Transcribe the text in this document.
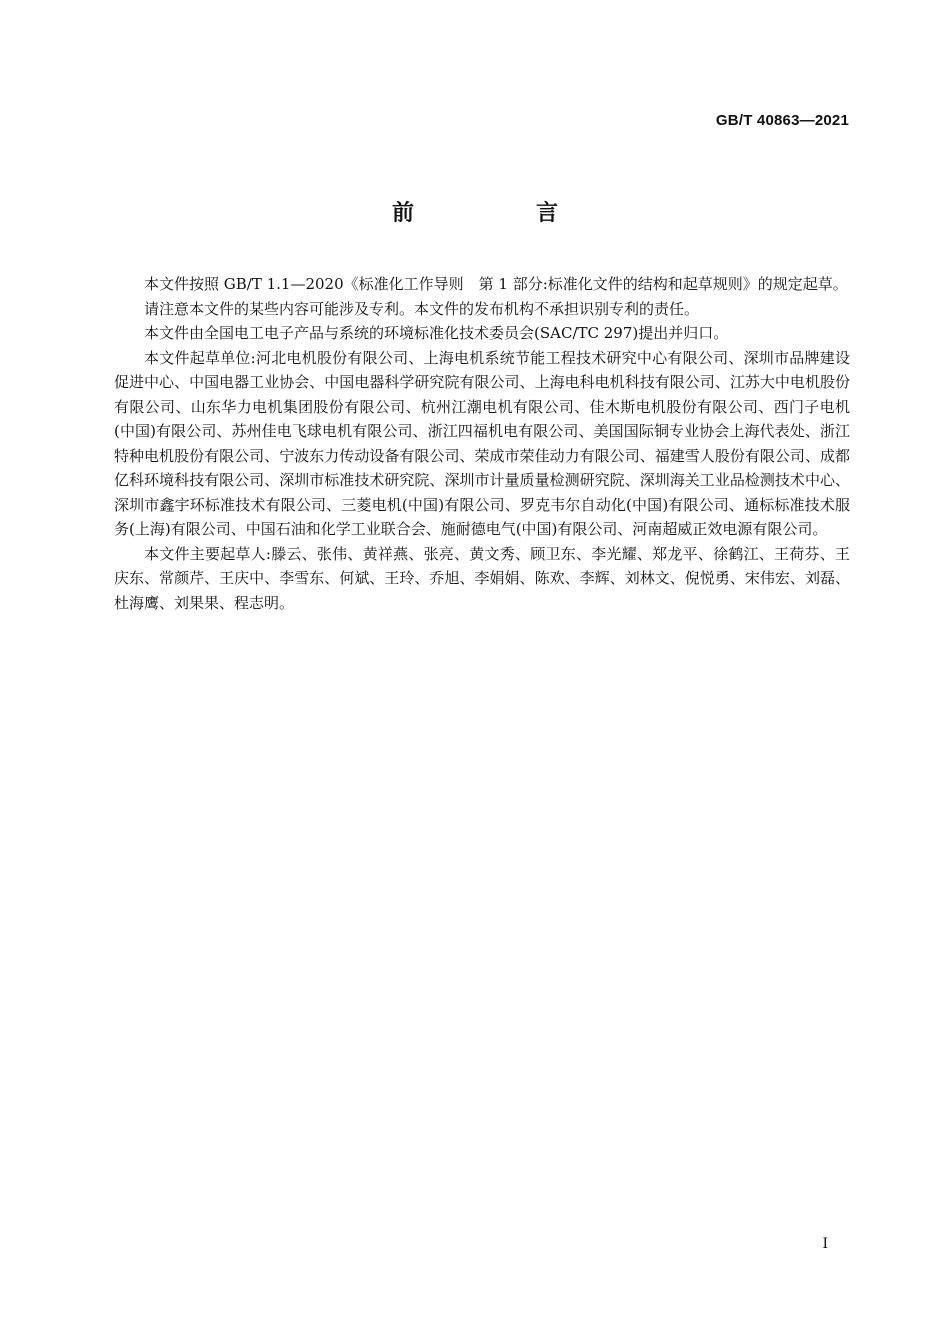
GB/T 40863—2021
前　言

本文件按照 GB/T 1.1—2020《标准化工作导则　第 1 部分:标准化文件的结构和起草规则》的规定起草。

请注意本文件的某些内容可能涉及专利。本文件的发布机构不承担识别专利的责任。

本文件由全国电工电子产品与系统的环境标准化技术委员会(SAC/TC 297)提出并归口。

本文件起草单位:河北电机股份有限公司、上海电机系统节能工程技术研究中心有限公司、深圳市品牌建设促进中心、中国电器工业协会、中国电器科学研究院有限公司、上海电科电机科技有限公司、江苏大中电机股份有限公司、山东华力电机集团股份有限公司、杭州江潮电机有限公司、佳木斯电机股份有限公司、西门子电机(中国)有限公司、苏州佳电飞球电机有限公司、浙江四福机电有限公司、美国国际铜专业协会上海代表处、浙江特种电机股份有限公司、宁波东力传动设备有限公司、荣成市荣佳动力有限公司、福建雪人股份有限公司、成都亿科环境科技有限公司、深圳市标准技术研究院、深圳市计量质量检测研究院、深圳海关工业品检测技术中心、深圳市鑫宇环标准技术有限公司、三菱电机(中国)有限公司、罗克韦尔自动化(中国)有限公司、通标标准技术服务(上海)有限公司、中国石油和化学工业联合会、施耐德电气(中国)有限公司、河南超威正效电源有限公司。

本文件主要起草人:滕云、张伟、黄祥燕、张亮、黄文秀、顾卫东、李光耀、郑龙平、徐鹤江、王荷芬、王庆东、常颜芹、王庆中、李雪东、何斌、王玲、乔旭、李娟娟、陈欢、李辉、刘林文、倪悦勇、宋伟宏、刘磊、杜海鹰、刘果果、程志明。

I
